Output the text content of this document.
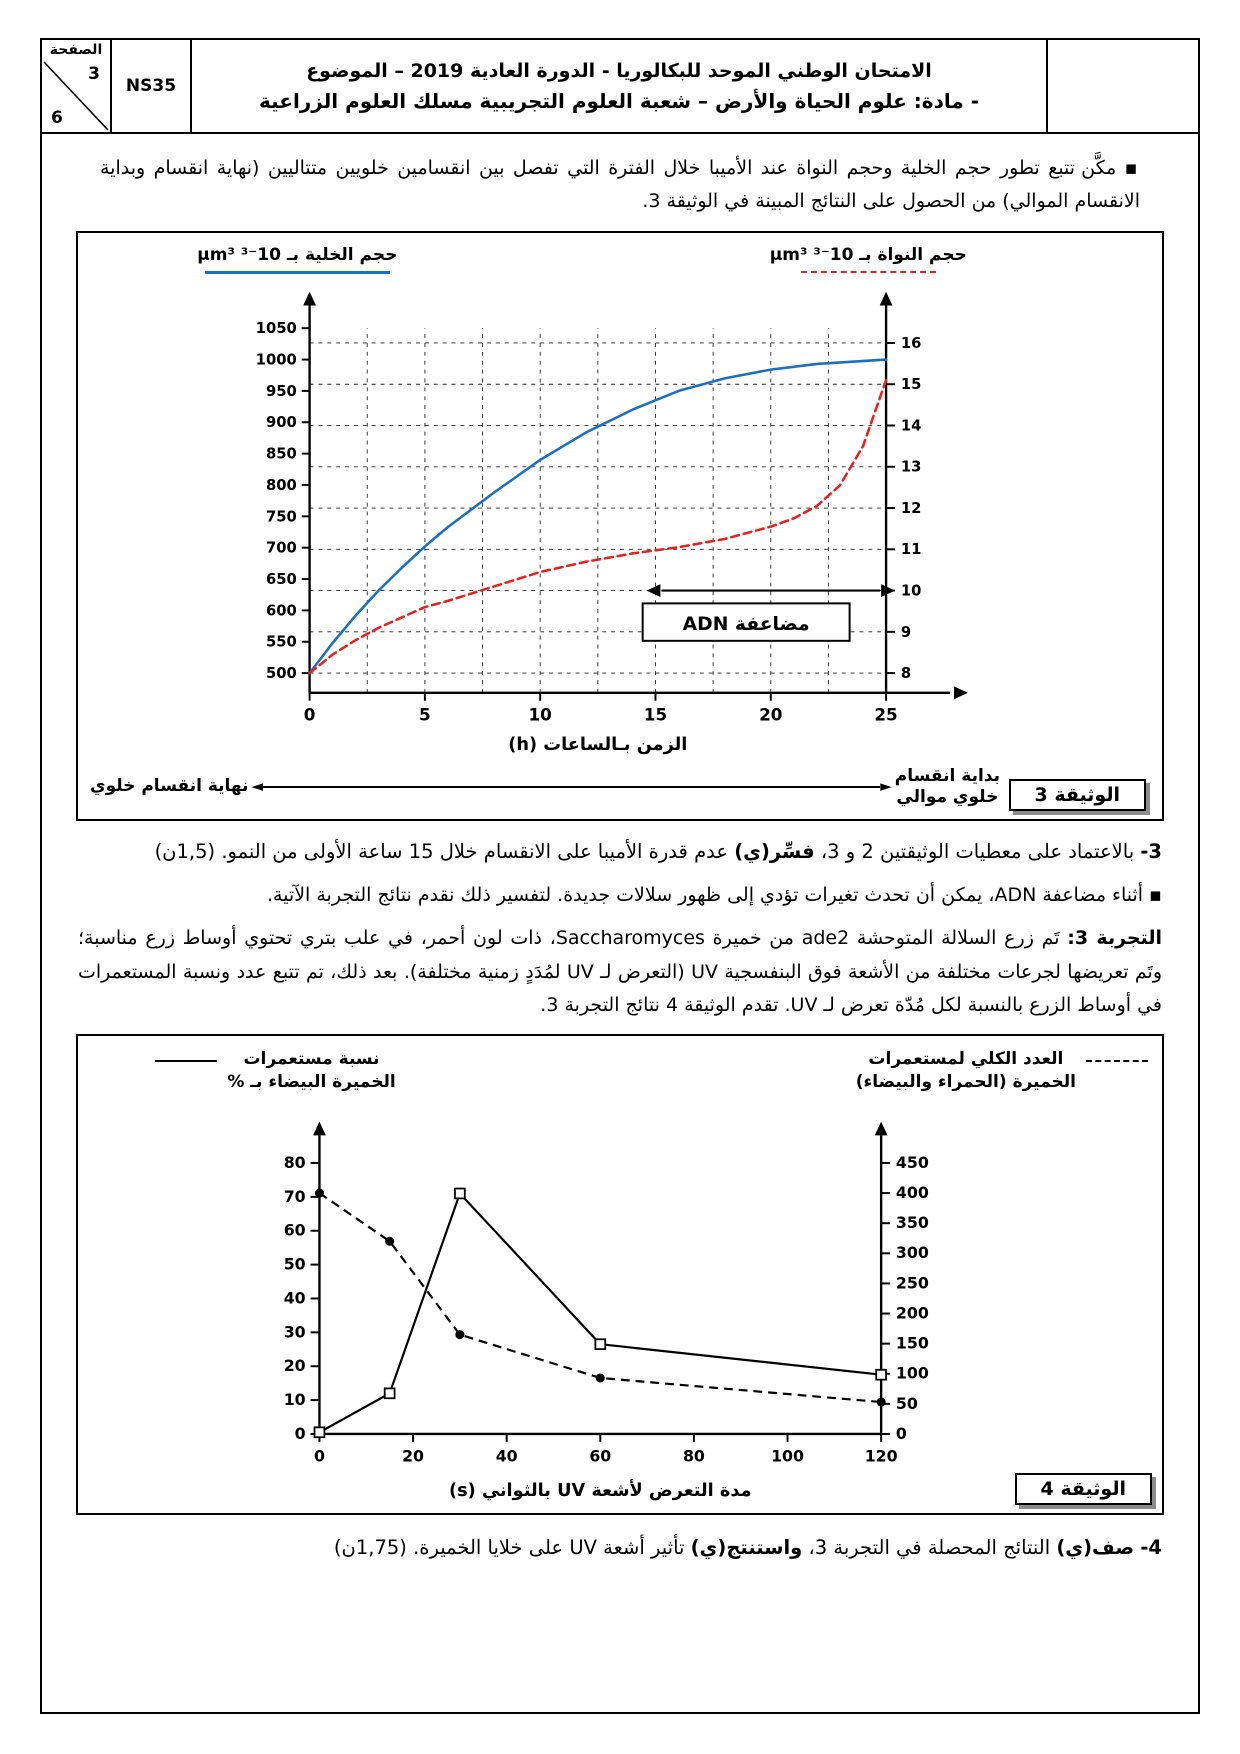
الصفحة
3
6
NS35
الامتحان الوطني الموحد للبكالوريا - الدورة العادية 2019 – الموضوع
- مادة: علوم الحياة والأرض – شعبة العلوم التجريبية مسلك العلوم الزراعية

▪ مكَّن تتبع تطور حجم الخلية وحجم النواة عند الأميبا خلال الفترة التي تفصل بين انقسامين خلويين متتاليين (نهاية انقسام وبداية الانقسام الموالي) من الحصول على النتائج المبينة في الوثيقة 3.

حجم الخلية بـ 10⁻³ μm³	حجم النواة بـ 10⁻³ μm³
500
550
600
650
700
750
800
850
900
950
1000
1050
8
9
10
11
12
13
14
15
16
0	5	10	15	20	25
مضاعفة ADN
الزمن بـالساعات (h)
نهاية انقسام خلوي ◄	► بداية انقسام
خلوي موالي	الوثيقة 3

3- بالاعتماد على معطيات الوثيقتين 2 و 3، فسِّر(ي) عدم قدرة الأميبا على الانقسام خلال 15 ساعة الأولى من النمو. (1,5ن)

▪ أثناء مضاعفة ADN، يمكن أن تحدث تغيرات تؤدي إلى ظهور سلالات جديدة. لتفسير ذلك نقدم نتائج التجربة الآتية.

التجربة 3: تَم زرع السلالة المتوحشة ade2 من خميرة Saccharomyces، ذات لون أحمر، في علب بتري تحتوي أوساط زرع مناسبة؛ وتَم تعريضها لجرعات مختلفة من الأشعة فوق البنفسجية UV (التعرض لـ UV لمُدَدٍ زمنية مختلفة). بعد ذلك، تم تتبع عدد ونسبة المستعمرات في أوساط الزرع بالنسبة لكل مُدّة تعرض لـ UV. تقدم الوثيقة 4 نتائج التجربة 3.

نسبة مستعمرات
الخميرة البيضاء بـ %
العدد الكلي لمستعمرات
الخميرة (الحمراء والبيضاء)
0
10
20
30
40
50
60
70
80
0
50
100
150
200
250
300
350
400
450
0	20	40	60	80	100	120
مدة التعرض لأشعة UV بالثواني (s)	الوثيقة 4

4- صف(ي) النتائج المحصلة في التجربة 3، واستنتج(ي) تأثير أشعة UV على خلايا الخميرة. (1,75ن)
